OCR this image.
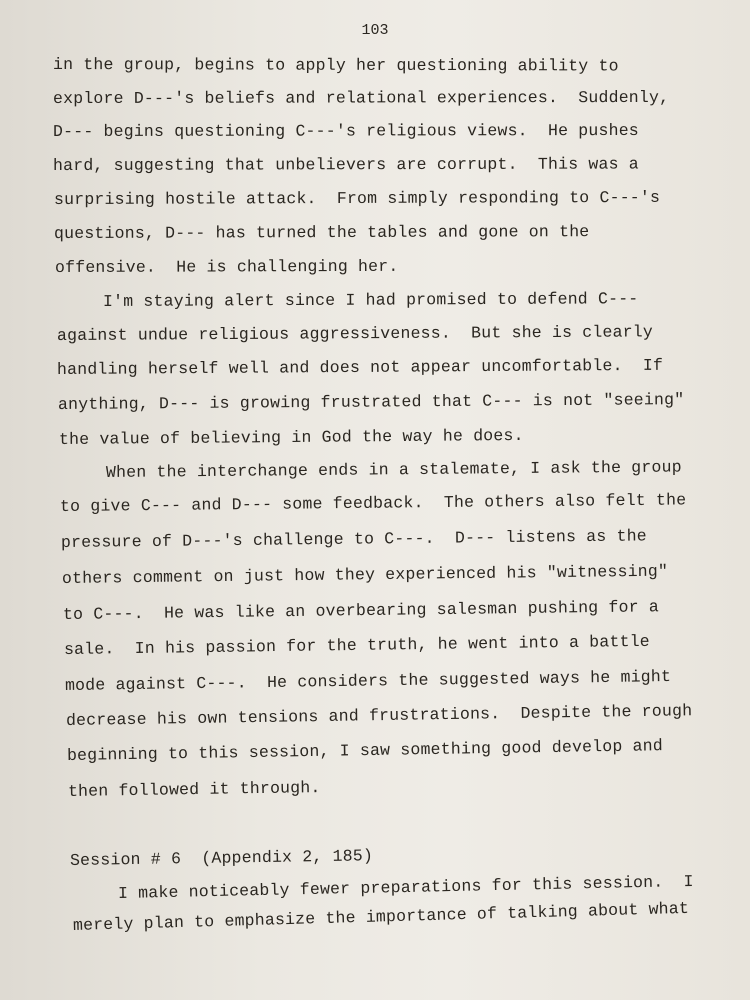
103
in the group, begins to apply her questioning ability to
explore D---'s beliefs and relational experiences.  Suddenly,
D--- begins questioning C---'s religious views.  He pushes
hard, suggesting that unbelievers are corrupt.  This was a
surprising hostile attack.  From simply responding to C---'s
questions, D--- has turned the tables and gone on the
offensive.  He is challenging her.
I'm staying alert since I had promised to defend C---
against undue religious aggressiveness.  But she is clearly
handling herself well and does not appear uncomfortable.  If
anything, D--- is growing frustrated that C--- is not "seeing"
the value of believing in God the way he does.
When the interchange ends in a stalemate, I ask the group
to give C--- and D--- some feedback.  The others also felt the
pressure of D---'s challenge to C---.  D--- listens as the
others comment on just how they experienced his "witnessing"
to C---.  He was like an overbearing salesman pushing for a
sale.  In his passion for the truth, he went into a battle
mode against C---.  He considers the suggested ways he might
decrease his own tensions and frustrations.  Despite the rough
beginning to this session, I saw something good develop and
then followed it through.
Session # 6  (Appendix 2, 185)
I make noticeably fewer preparations for this session.  I
merely plan to emphasize the importance of talking about what
